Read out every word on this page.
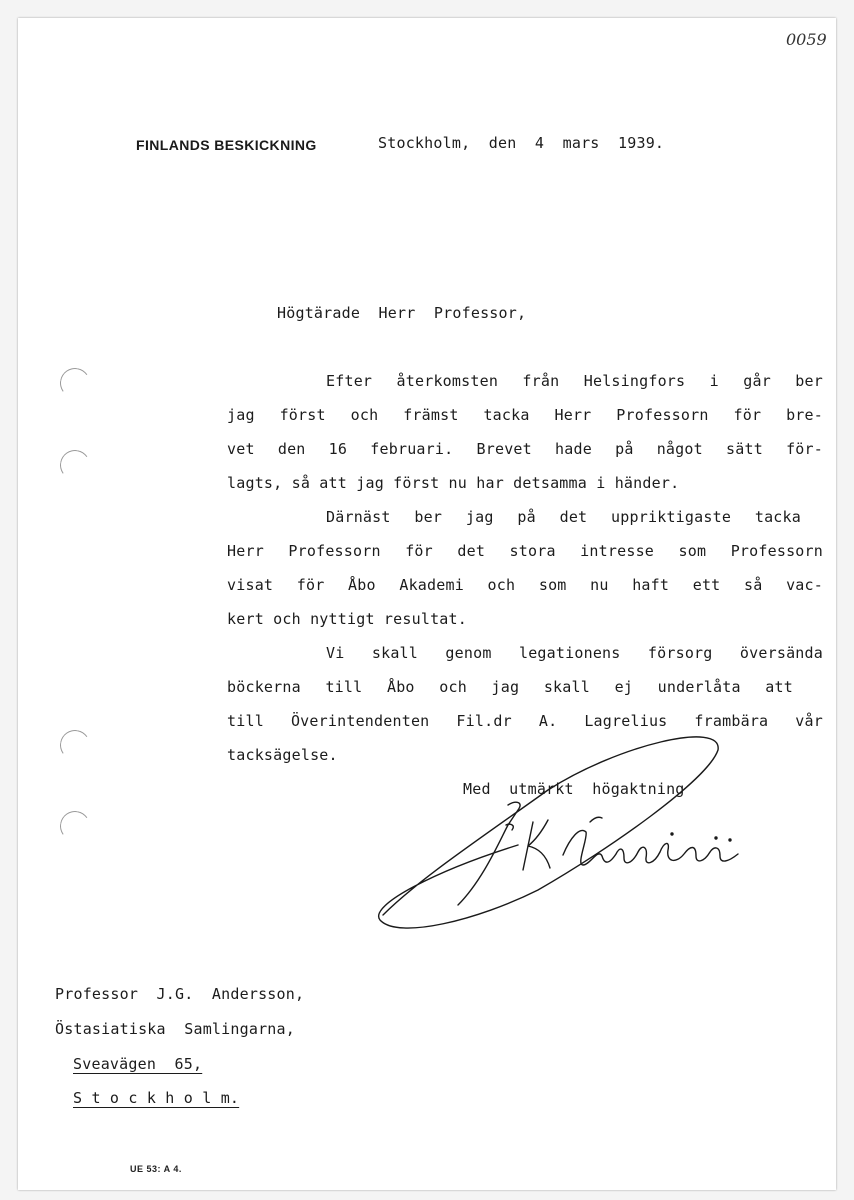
0059
FINLANDS BESKICKNING	Stockholm,  den  4  mars  1939.
Högtärade  Herr  Professor,
Efter återkomsten från Helsingfors i går ber
jag först och främst tacka Herr Professorn för bre-
vet den 16 februari. Brevet hade på något sätt för-
lagts, så att jag först nu har detsamma i händer.
Därnäst ber jag på det uppriktigaste tacka
Herr Professorn för det stora intresse som Professorn
visat för Åbo Akademi och som nu haft ett så vac-
kert och nyttigt resultat.
Vi skall genom legationens försorg översända
böckerna till Åbo och jag skall ej underlåta att
till Överintendenten Fil.dr A. Lagrelius frambära vår
tacksägelse.
Med  utmärkt  högaktning
Professor  J.G.  Andersson,
Östasiatiska  Samlingarna,
Sveavägen  65,
S t o c k h o l m.
UE 53: A 4.
